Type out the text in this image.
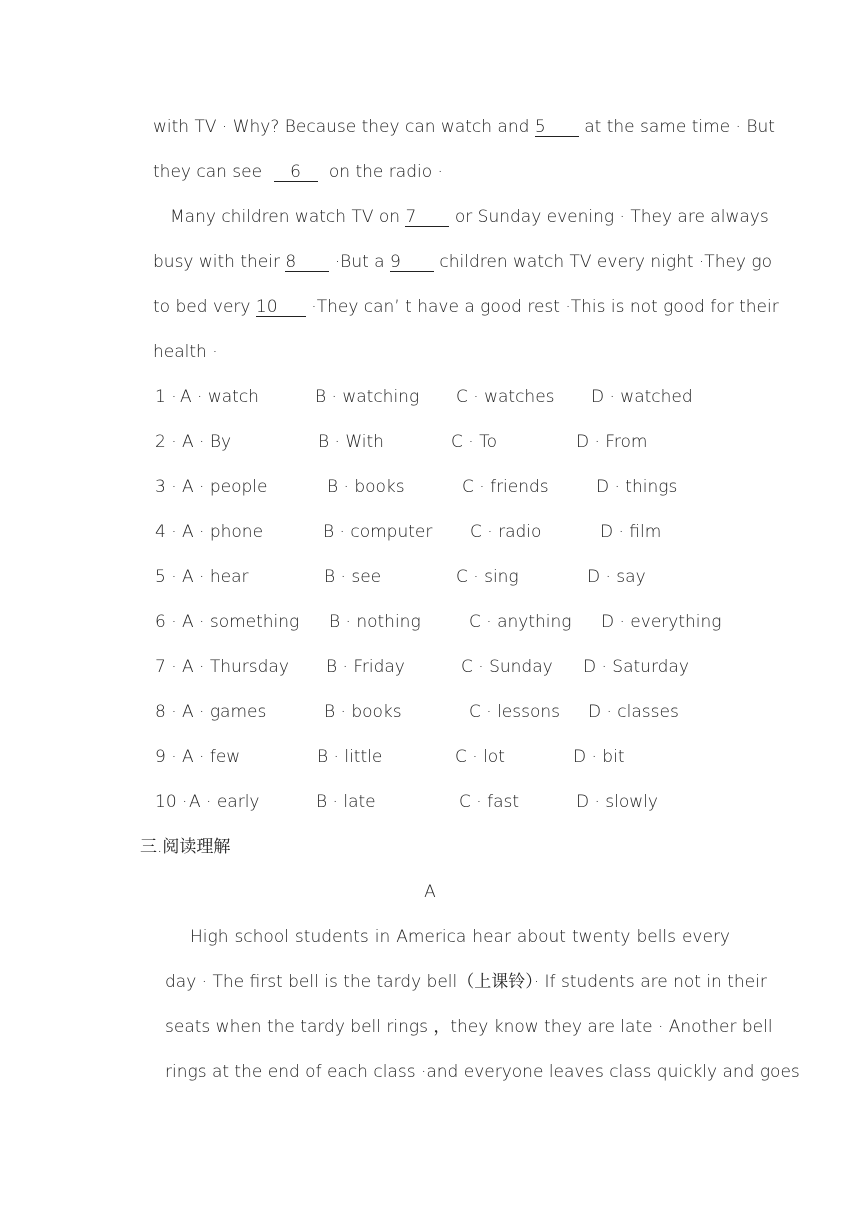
with TV · Why? Because they can watch and 5 at the same time · But
they can see 6 on the radio ·
Many children watch TV on 7 or Sunday evening · They are always
busy with their 8 ·But a 9 children watch TV every night ·They go
to bed very 10 ·They can’ t have a good rest ·This is not good for their
health ·
1 · A · watch	B · watching C · watches D · watched
2 · A · By	B · With	C · To	D · From
3 · A · people	B · books	C · friends	D · things
4 · A · phone	B · computer C · radio	D · film
5 · A · hear	B · see	C · sing	D · say
6 · A · something B · nothing	C · anything D · everything
7 · A · Thursday B · Friday	C · Sunday D · Saturday
8 · A · games	B · books	C · lessons D · classes
9 · A · few	B · little	C · lot	D · bit
10 · A · early	B · late	C · fast	D · slowly
三.阅读理解
A
High school students in America hear about twenty bells every
day · The first bell is the tardy bell（上课铃）· If students are not in their
seats when the tardy bell rings ，they know they are late · Another bell
rings at the end of each class ·and everyone leaves class quickly and goes
